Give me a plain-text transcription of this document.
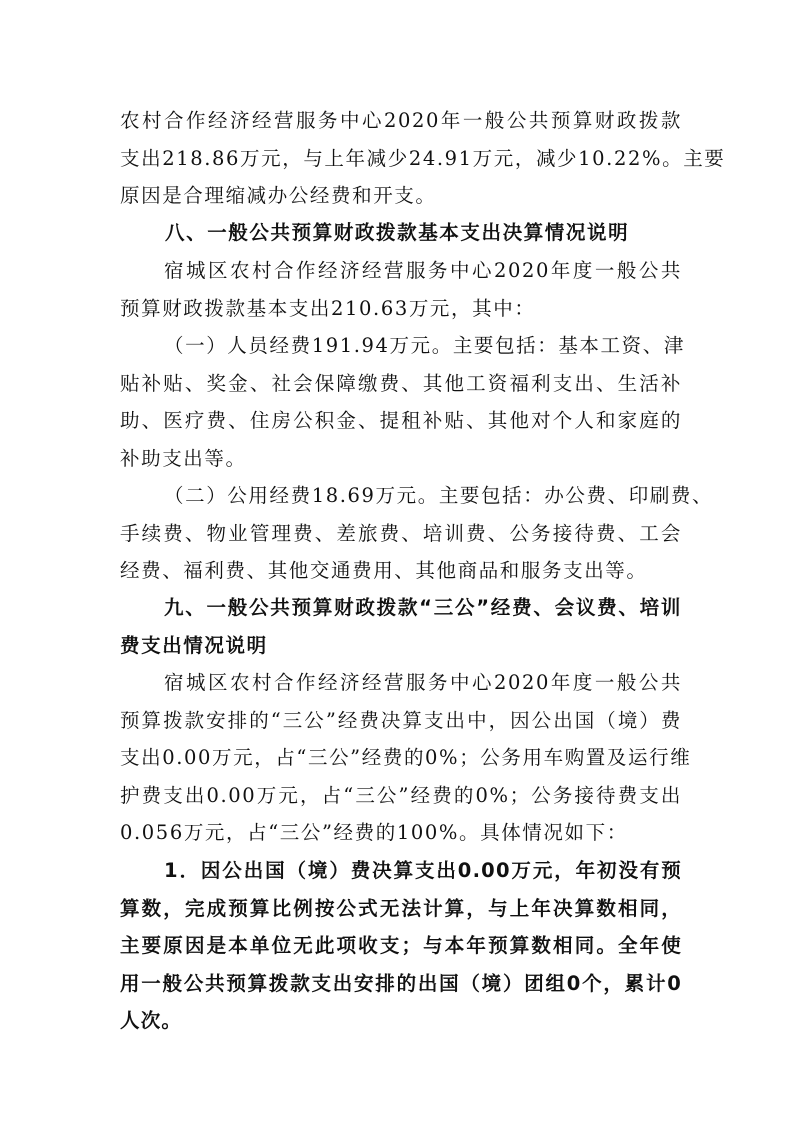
农村合作经济经营服务中心2020年一般公共预算财政拨款
支出218.86万元，与上年减少24.91万元，减少10.22%。主要
原因是合理缩减办公经费和开支。
八、一般公共预算财政拨款基本支出决算情况说明
宿城区农村合作经济经营服务中心2020年度一般公共
预算财政拨款基本支出210.63万元，其中：
（一）人员经费191.94万元。主要包括：基本工资、津
贴补贴、奖金、社会保障缴费、其他工资福利支出、生活补
助、医疗费、住房公积金、提租补贴、其他对个人和家庭的
补助支出等。
（二）公用经费18.69万元。主要包括：办公费、印刷费、
手续费、物业管理费、差旅费、培训费、公务接待费、工会
经费、福利费、其他交通费用、其他商品和服务支出等。
九、一般公共预算财政拨款“三公”经费、会议费、培训
费支出情况说明
宿城区农村合作经济经营服务中心2020年度一般公共
预算拨款安排的“三公”经费决算支出中，因公出国（境）费
支出0.00万元，占“三公”经费的0%；公务用车购置及运行维
护费支出0.00万元，占“三公”经费的0%；公务接待费支出
0.056万元，占“三公”经费的100%。具体情况如下：
1．因公出国（境）费决算支出0.00万元，年初没有预
算数，完成预算比例按公式无法计算，与上年决算数相同，
主要原因是本单位无此项收支；与本年预算数相同。全年使
用一般公共预算拨款支出安排的出国（境）团组0个，累计0
人次。
